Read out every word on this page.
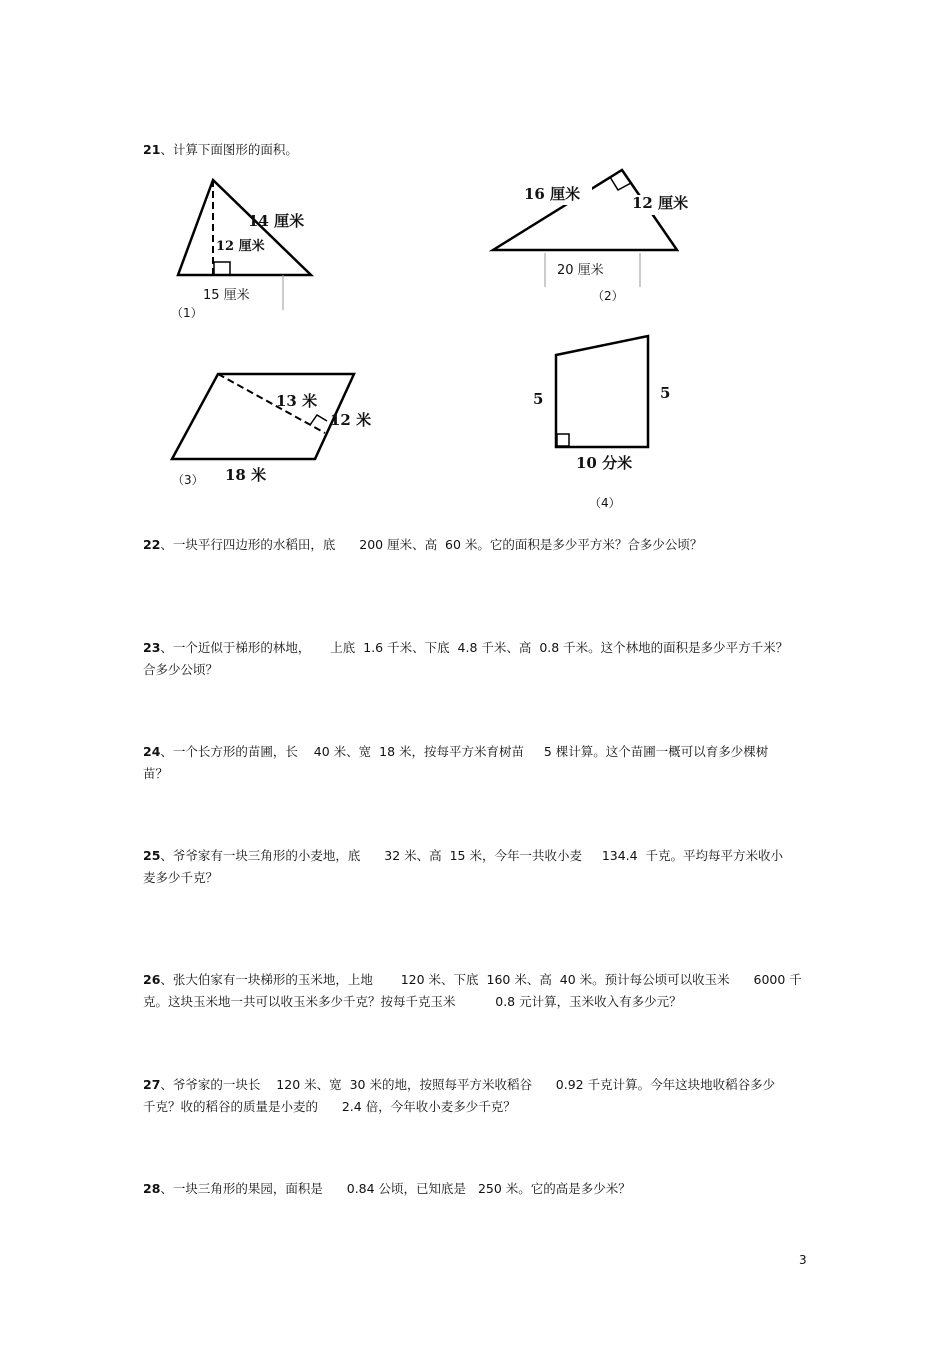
21、计算下面图形的面积。
14 厘米
12 厘米
15 厘米
（1）
16 厘米	12 厘米
20 厘米
（2）
13 米
12 米
18 米
（3）
5	5
10 分米
（4）
22、一块平行四边形的水稻田，底      200 厘米、高  60 米。它的面积是多少平方米？合多少公顷？
23、一个近似于梯形的林地，     上底  1.6 千米、下底  4.8 千米、高  0.8 千米。这个林地的面积是多少平方千米？
合多少公顷？
24、一个长方形的苗圃，长    40 米、宽  18 米，按每平方米育树苗     5 棵计算。这个苗圃一概可以育多少棵树
苗？
25、爷爷家有一块三角形的小麦地，底      32 米、高  15 米，今年一共收小麦     134.4  千克。平均每平方米收小
麦多少千克？
26、张大伯家有一块梯形的玉米地，上地       120 米、下底  160 米、高  40 米。预计每公顷可以收玉米      6000 千
克。这块玉米地一共可以收玉米多少千克？按每千克玉米          0.8 元计算，玉米收入有多少元？
27、爷爷家的一块长    120 米、宽  30 米的地，按照每平方米收稻谷      0.92 千克计算。今年这块地收稻谷多少
千克？收的稻谷的质量是小麦的      2.4 倍，今年收小麦多少千克？
28、一块三角形的果园，面积是      0.84 公顷，已知底是   250 米。它的高是多少米？
3
